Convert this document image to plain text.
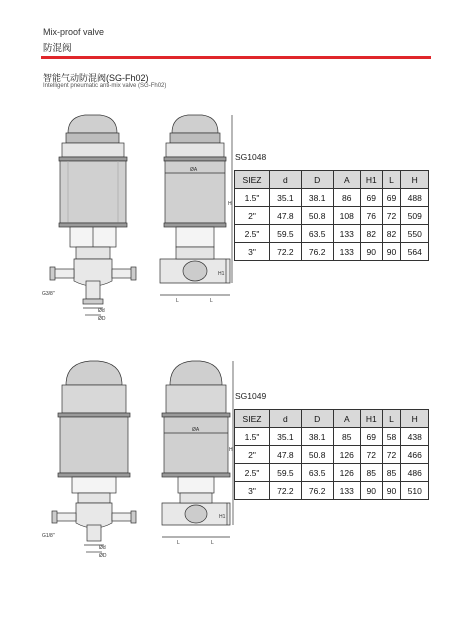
Mix-proof valve
防混阀
智能气动防混阀(SG-Fh02)
Intelligent pneumatic anti-mix valve (SG-Fh02)
G3/8"
Ød
ØD
ØA
H
H1
L	L
SG1048
SIEZ	d	D	A	H1	L	H
1.5"	35.1	38.1	86	69	69	488
2"	47.8	50.8	108	76	72	509
2.5"	59.5	63.5	133	82	82	550
3"	72.2	76.2	133	90	90	564
G1/8"
Ød
ØD
ØA
H
H1
L	L
SG1049
SIEZ	d	D	A	H1	L	H
1.5"	35.1	38.1	85	69	58	438
2"	47.8	50.8	126	72	72	466
2.5"	59.5	63.5	126	85	85	486
3"	72.2	76.2	133	90	90	510
